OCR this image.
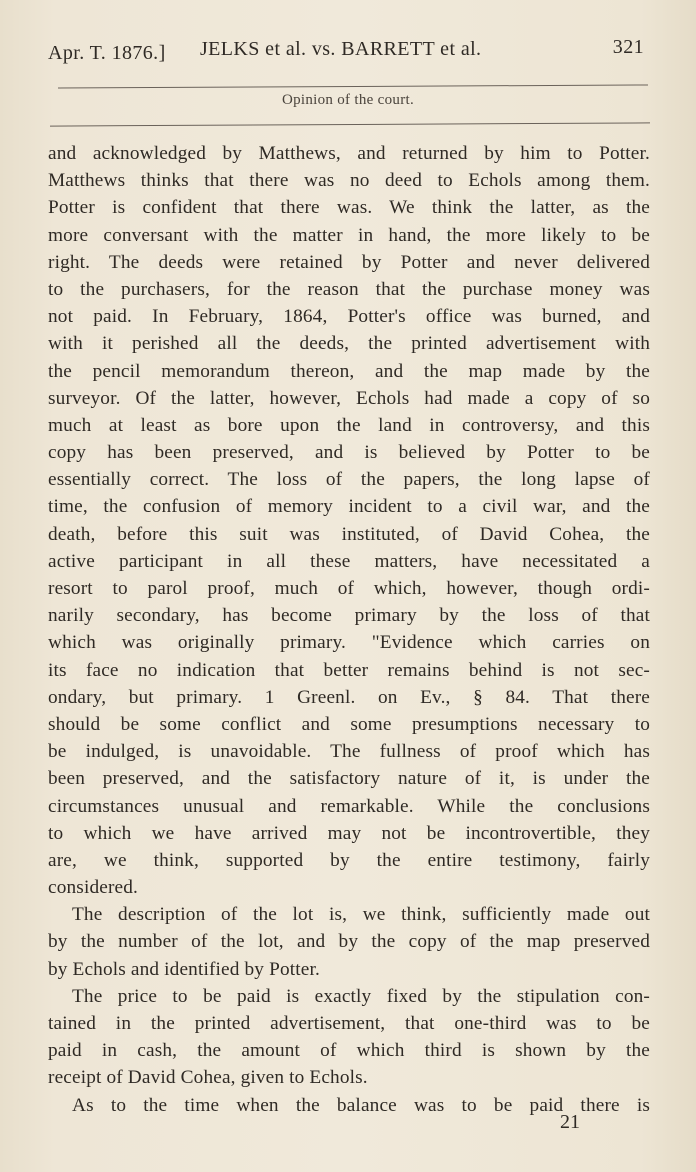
Apr. T. 1876.] JELKS et al. vs. BARRETT et al.	321
Opinion of the court.
and acknowledged by Matthews, and returned by him to Potter.
Matthews thinks that there was no deed to Echols among them.
Potter is confident that there was. We think the latter, as the
more conversant with the matter in hand, the more likely to be
right. The deeds were retained by Potter and never delivered
to the purchasers, for the reason that the purchase money was
not paid. In February, 1864, Potter's office was burned, and
with it perished all the deeds, the printed advertisement with
the pencil memorandum thereon, and the map made by the
surveyor. Of the latter, however, Echols had made a copy of so
much at least as bore upon the land in controversy, and this
copy has been preserved, and is believed by Potter to be
essentially correct. The loss of the papers, the long lapse of
time, the confusion of memory incident to a civil war, and the
death, before this suit was instituted, of David Cohea, the
active participant in all these matters, have necessitated a
resort to parol proof, much of which, however, though ordi-
narily secondary, has become primary by the loss of that
which was originally primary. "Evidence which carries on
its face no indication that better remains behind is not sec-
ondary, but primary. 1 Greenl. on Ev., § 84. That there
should be some conflict and some presumptions necessary to
be indulged, is unavoidable. The fullness of proof which has
been preserved, and the satisfactory nature of it, is under the
circumstances unusual and remarkable. While the conclusions
to which we have arrived may not be incontrovertible, they
are, we think, supported by the entire testimony, fairly
considered.
The description of the lot is, we think, sufficiently made out
by the number of the lot, and by the copy of the map preserved
by Echols and identified by Potter.
The price to be paid is exactly fixed by the stipulation con-
tained in the printed advertisement, that one-third was to be
paid in cash, the amount of which third is shown by the
receipt of David Cohea, given to Echols.
As to the time when the balance was to be paid there is
21
